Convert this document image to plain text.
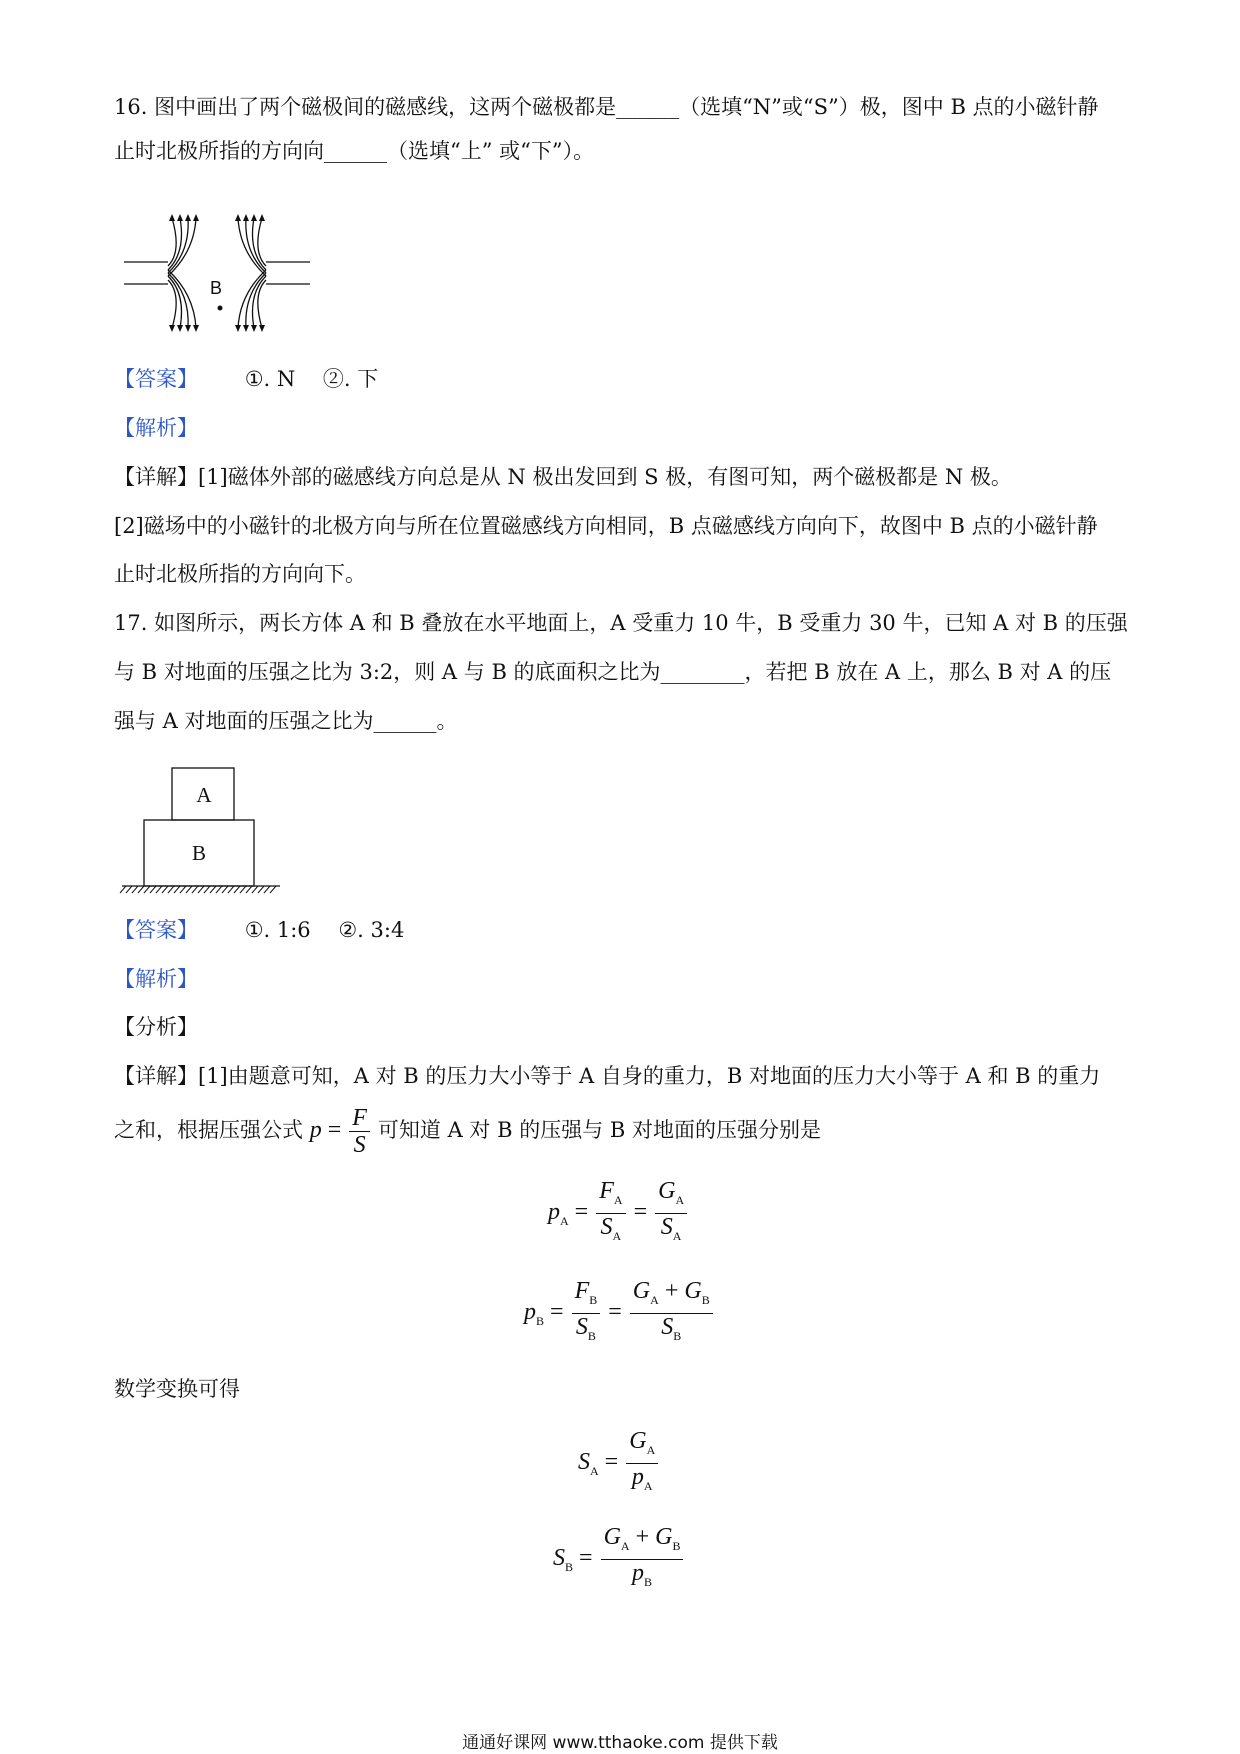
16. 图中画出了两个磁极间的磁感线，这两个磁极都是______（选填“N”或“S”）极，图中 B 点的小磁针静
止时北极所指的方向向______（选填“上” 或“下”）。
B
【答案】 ①. N　 ②. 下
【解析】
【详解】[1]磁体外部的磁感线方向总是从 N 极出发回到 S 极，有图可知，两个磁极都是 N 极。
[2]磁场中的小磁针的北极方向与所在位置磁感线方向相同，B 点磁感线方向向下，故图中 B 点的小磁针静
止时北极所指的方向向下。
17. 如图所示，两长方体 A 和 B 叠放在水平地面上，A 受重力 10 牛，B 受重力 30 牛，已知 A 对 B 的压强
与 B 对地面的压强之比为 3:2，则 A 与 B 的底面积之比为________，若把 B 放在 A 上，那么 B 对 A 的压
强与 A 对地面的压强之比为______。
A
B
【答案】 ①. 1:6　 ②. 3:4
【解析】
【分析】
【详解】[1]由题意可知，A 对 B 的压力大小等于 A 自身的重力，B 对地面的压力大小等于 A 和 B 的重力
之和，根据压强公式 $p = \frac{F}{S}$ 可知道 A 对 B 的压强与 B 对地面的压强分别是
$p_A = \frac{F_A}{S_A} = \frac{G_A}{S_A}$
$p_B = \frac{F_B}{S_B} = \frac{G_A + G_B}{S_B}$
数学变换可得
$S_A = \frac{G_A}{p_A}$
$S_B = \frac{G_A + G_B}{p_B}$
通通好课网 www.tthaoke.com 提供下载
